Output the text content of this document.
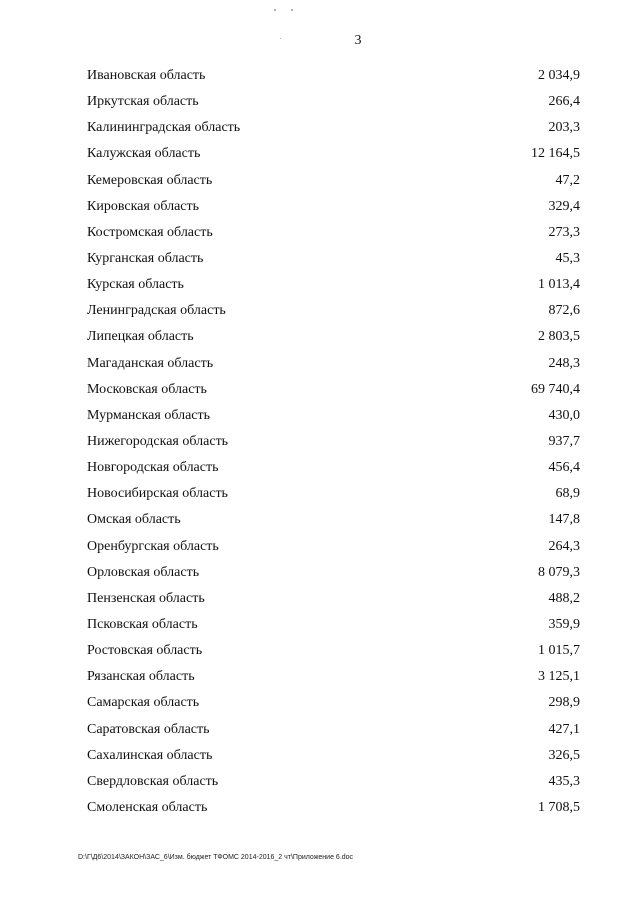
3
Ивановская область	2 034,9
Иркутская область	266,4
Калининградская область	203,3
Калужская область	12 164,5
Кемеровская область	47,2
Кировская область	329,4
Костромская область	273,3
Курганская область	45,3
Курская область	1 013,4
Ленинградская область	872,6
Липецкая область	2 803,5
Магаданская область	248,3
Московская область	69 740,4
Мурманская область	430,0
Нижегородская область	937,7
Новгородская область	456,4
Новосибирская область	68,9
Омская область	147,8
Оренбургская область	264,3
Орловская область	8 079,3
Пензенская область	488,2
Псковская область	359,9
Ростовская область	1 015,7
Рязанская область	3 125,1
Самарская область	298,9
Саратовская область	427,1
Сахалинская область	326,5
Свердловская область	435,3
Смоленская область	1 708,5
D:\Г\Д6\2014\ЗАКОН\ЗАС_6\Изм. бюджет ТФОМС 2014-2016_2 чт\Приложение 6.doc
